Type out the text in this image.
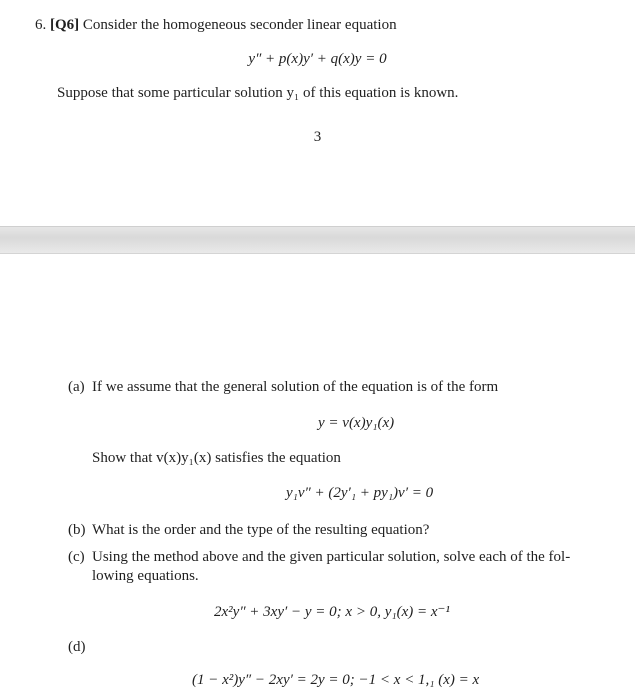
6. [Q6] Consider the homogeneous seconder linear equation
y″ + p(x)y′ + q(x)y = 0
Suppose that some particular solution y₁ of this equation is known.
3
(a) If we assume that the general solution of the equation is of the form
y = v(x)y₁(x)
Show that v(x)y₁(x) satisfies the equation
y₁v″ + (2y′₁ + py₁)v′ = 0
(b) What is the order and the type of the resulting equation?
(c) Using the method above and the given particular solution, solve each of the fol-
lowing equations.
2x²y″ + 3xy′ − y = 0; x > 0, y₁(x) = x⁻¹
(d)
(1 − x²)y″ − 2xy′ = 2y = 0; −1 < x < 1,₁ (x) = x
